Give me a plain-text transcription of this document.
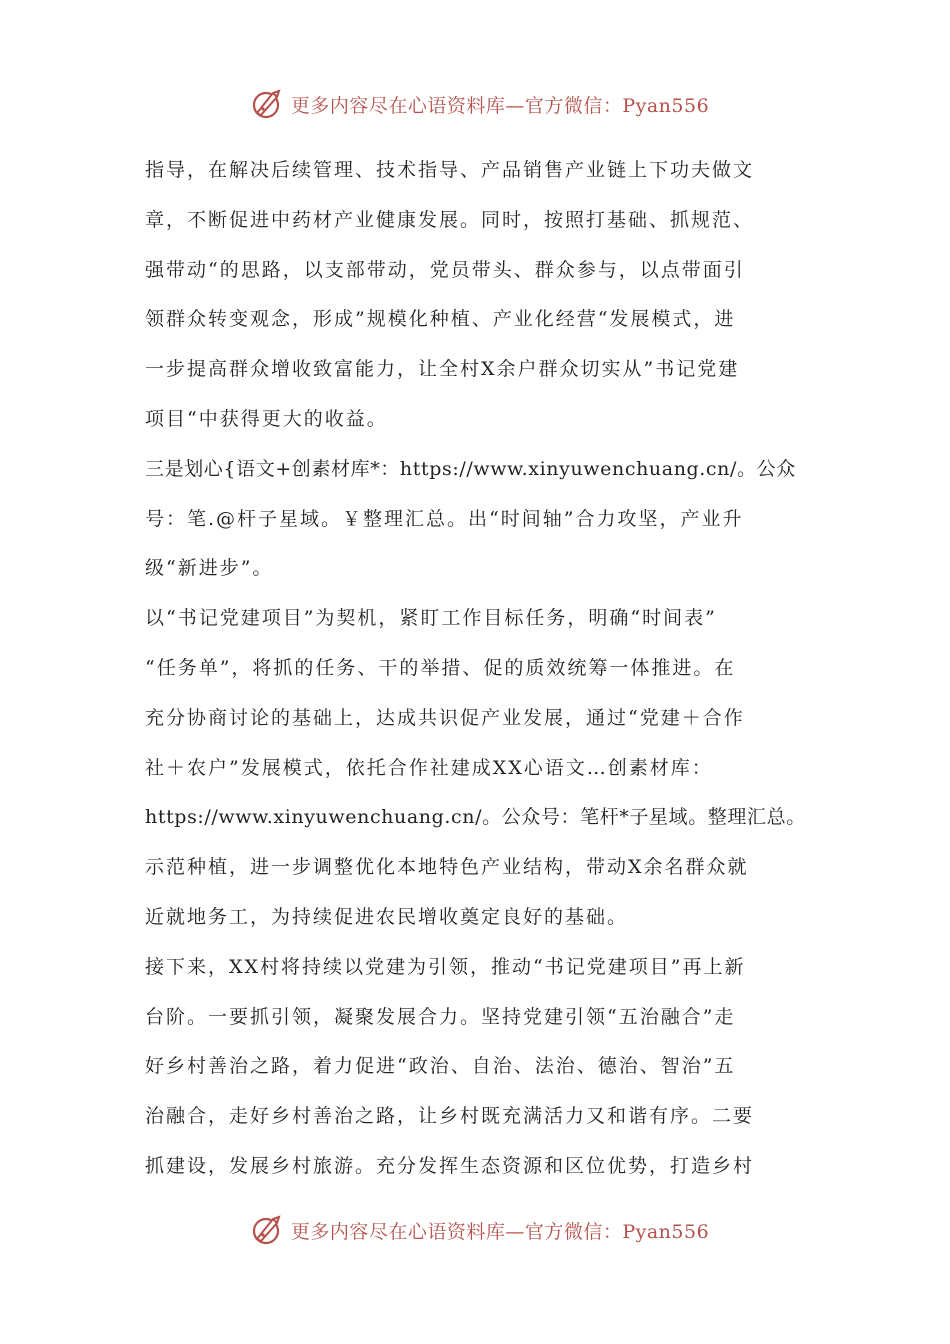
更多内容尽在心语资料库—官方微信：Pyan556
指导，在解决后续管理、技术指导、产品销售产业链上下功夫做文
章，不断促进中药材产业健康发展。同时，按照打基础、抓规范、
强带动“的思路，以支部带动，党员带头、群众参与，以点带面引
领群众转变观念，形成”规模化种植、产业化经营“发展模式，进
一步提高群众增收致富能力，让全村X余户群众切实从”书记党建
项目“中获得更大的收益。
三是划心{语文+创素材库*：https://www.xinyuwenchuang.cn/。公众
号：笔.@杆子星域。￥整理汇总。出“时间轴”合力攻坚，产业升
级“新进步”。
以“书记党建项目”为契机，紧盯工作目标任务，明确“时间表”
“任务单”，将抓的任务、干的举措、促的质效统筹一体推进。在
充分协商讨论的基础上，达成共识促产业发展，通过“党建＋合作
社＋农户”发展模式，依托合作社建成XX心语文…创素材库：
https://www.xinyuwenchuang.cn/。公众号：笔杆*子星域。整理汇总。
示范种植，进一步调整优化本地特色产业结构，带动X余名群众就
近就地务工，为持续促进农民增收奠定良好的基础。
接下来，XX村将持续以党建为引领，推动“书记党建项目”再上新
台阶。一要抓引领，凝聚发展合力。坚持党建引领“五治融合”走
好乡村善治之路，着力促进“政治、自治、法治、德治、智治”五
治融合，走好乡村善治之路，让乡村既充满活力又和谐有序。二要
抓建设，发展乡村旅游。充分发挥生态资源和区位优势，打造乡村
更多内容尽在心语资料库—官方微信：Pyan556
